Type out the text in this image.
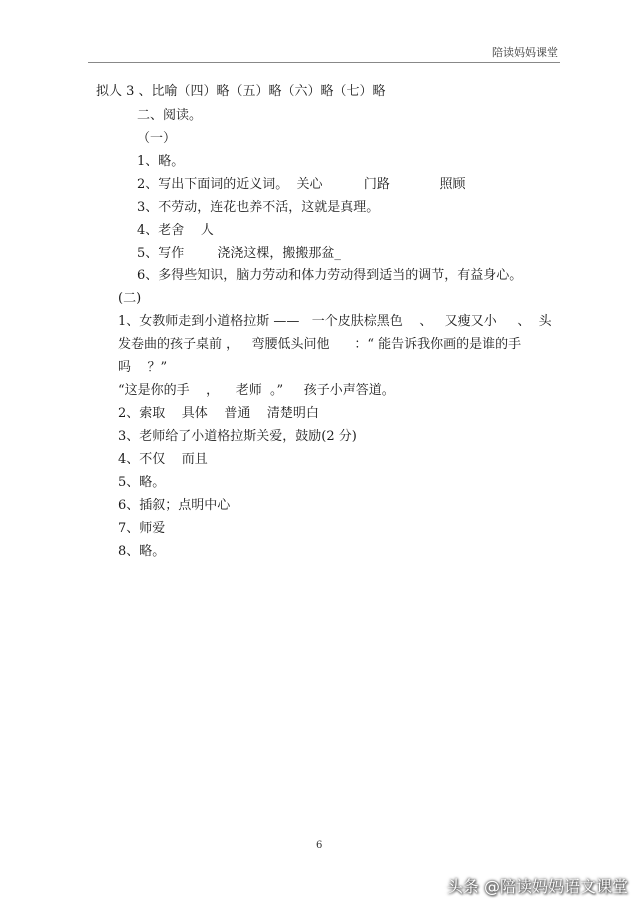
陪读妈妈课堂
拟人 3 、比喻（四）略（五）略（六）略（七）略
二、阅读。
（一）
1、略。
2、写出下面词的近义词。  关心          门路            照顾
3、不劳动，连花也养不活，这就是真理。
4、老舍    人
5、写作        浇浇这棵，搬搬那盆_
6、多得些知识，脑力劳动和体力劳动得到适当的调节，有益身心。
(二)
1、女教师走到小道格拉斯 ——   一个皮肤棕黑色    、   又瘦又小     、  头
发卷曲的孩子桌前 ，   弯腰低头问他      ：“ 能告诉我你画的是谁的手
吗    ？”
“这是你的手    ，    老师  。”     孩子小声答道。
2、索取    具体    普通    清楚明白
3、老师给了小道格拉斯关爱，鼓励(2 分)
4、不仅    而且
5、略。
6、插叙；点明中心
7、师爱
8、略。
6
头条 @陪读妈妈语文课堂
